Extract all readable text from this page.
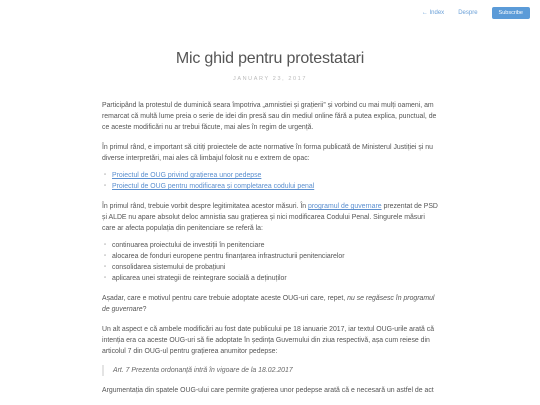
← Index Despre	Subscribe
Mic ghid pentru protestatari
JANUARY 23, 2017

Participând la protestul de duminică seara împotriva „amnistiei și grațierii” și vorbind cu mai mulți oameni, am remarcat că multă lume preia o serie de idei din presă sau din mediul online fără a putea explica, punctual, de ce aceste modificări nu ar trebui făcute, mai ales în regim de urgență.

În primul rând, e important să citiți proiectele de acte normative în forma publicată de Ministerul Justiției și nu diverse interpretări, mai ales cã limbajul folosit nu e extrem de opac:

▫ Proiectul de OUG privind grațierea unor pedepse
▫ Proiectul de OUG pentru modificarea și completarea codului penal

În primul rând, trebuie vorbit despre legitimitatea acestor măsuri. În programul de guvernare prezentat de PSD și ALDE nu apare absolut deloc amnistia sau grațierea și nici modificarea Codului Penal. Singurele măsuri care ar afecta populația din penitenciare se referă la:

▫ continuarea proiectului de investiții în penitenciare
▫ alocarea de fonduri europene pentru finanțarea infrastructurii penitenciarelor
▫ consolidarea sistemului de probațiuni
▫ aplicarea unei strategii de reintegrare socială a deținuților

Așadar, care e motivul pentru care trebuie adoptate aceste OUG-uri care, repet, nu se regăsesc în programul de guvernare?

Un alt aspect e că ambele modificări au fost date publicului pe 18 ianuarie 2017, iar textul OUG-urile arată că intenția era ca aceste OUG-uri să fie adoptate în ședința Guvernului din ziua respectivă, așa cum reiese din articolul 7 din OUG-ul pentru grațierea anumitor pedepse:

Art. 7 Prezenta ordonanță intră în vigoare de la 18.02.2017

Argumentația din spatele OUG-ului care permite grațierea unor pedepse arată că e necesară un astfel de act
